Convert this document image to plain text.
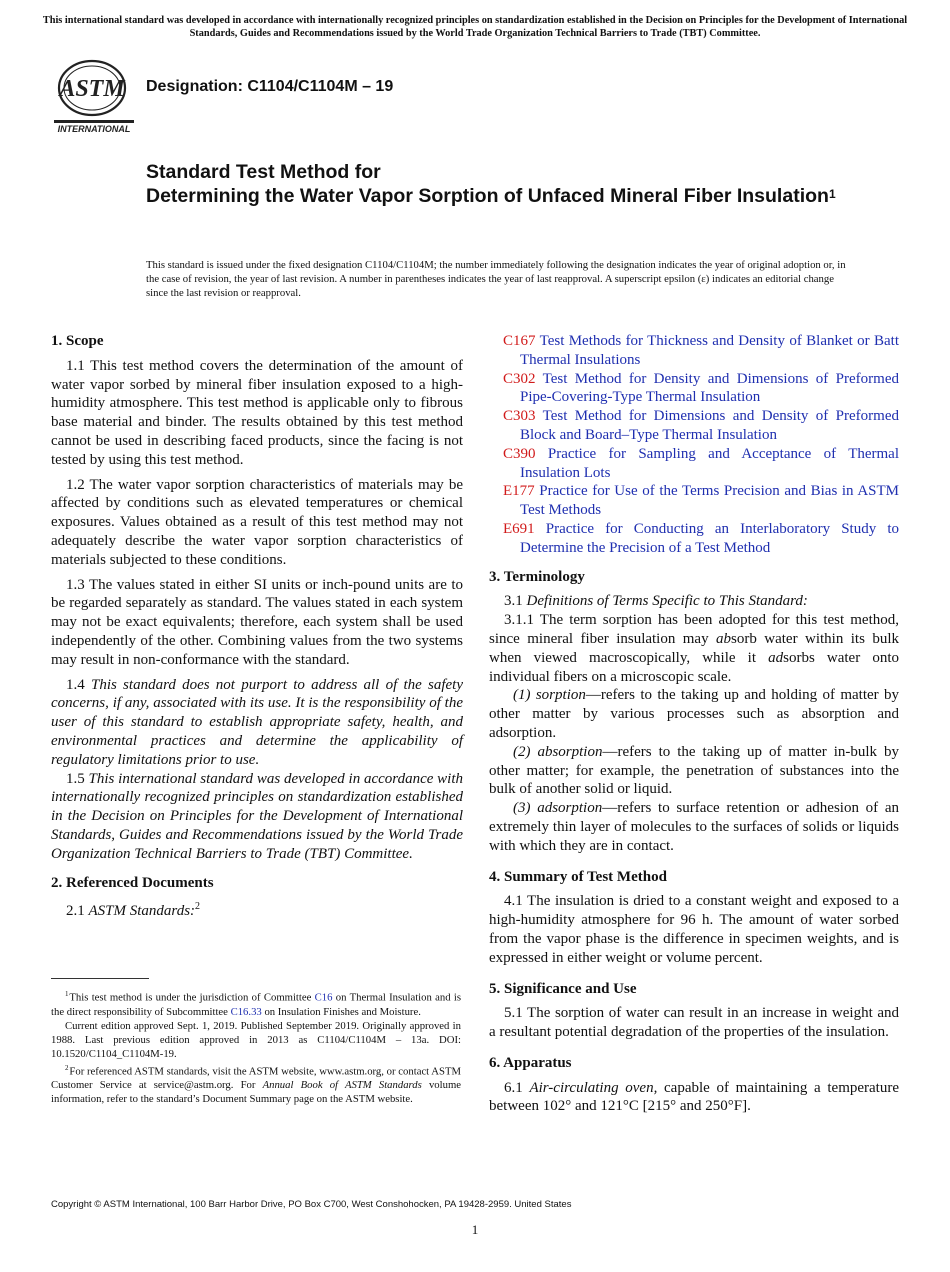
This international standard was developed in accordance with internationally recognized principles on standardization established in the Decision on Principles for the Development of International Standards, Guides and Recommendations issued by the World Trade Organization Technical Barriers to Trade (TBT) Committee.
ASTM
INTERNATIONAL
Designation: C1104/C1104M – 19
Standard Test Method for
Determining the Water Vapor Sorption of Unfaced Mineral Fiber Insulation$^1$
This standard is issued under the fixed designation C1104/C1104M; the number immediately following the designation indicates the year of original adoption or, in the case of revision, the year of last revision. A number in parentheses indicates the year of last reapproval. A superscript epsilon (ε) indicates an editorial change since the last revision or reapproval.
1. Scope

1.1 This test method covers the determination of the amount of water vapor sorbed by mineral fiber insulation exposed to a high-humidity atmosphere. This test method is applicable only to fibrous base material and binder. The results obtained by this test method cannot be used in describing faced products, since the facing is not tested by using this test method.

1.2 The water vapor sorption characteristics of materials may be affected by conditions such as elevated temperatures or chemical exposures. Values obtained as a result of this test method may not adequately describe the water vapor sorption characteristics of materials subjected to these conditions.

1.3 The values stated in either SI units or inch-pound units are to be regarded separately as standard. The values stated in each system may not be exact equivalents; therefore, each system shall be used independently of the other. Combining values from the two systems may result in non-conformance with the standard.

1.4 This standard does not purport to address all of the safety concerns, if any, associated with its use. It is the responsibility of the user of this standard to establish appropriate safety, health, and environmental practices and determine the applicability of regulatory limitations prior to use.

1.5 This international standard was developed in accordance with internationally recognized principles on standardization established in the Decision on Principles for the Development of International Standards, Guides and Recommendations issued by the World Trade Organization Technical Barriers to Trade (TBT) Committee.

2. Referenced Documents

2.1 ASTM Standards:$^2$

$^1$ This test method is under the jurisdiction of Committee C16 on Thermal Insulation and is the direct responsibility of Subcommittee C16.33 on Insulation Finishes and Moisture.

Current edition approved Sept. 1, 2019. Published September 2019. Originally approved in 1988. Last previous edition approved in 2013 as C1104/C1104M – 13a. DOI: 10.1520/C1104_C1104M-19.

$^2$ For referenced ASTM standards, visit the ASTM website, www.astm.org, or contact ASTM Customer Service at service@astm.org. For Annual Book of ASTM Standards volume information, refer to the standard’s Document Summary page on the ASTM website.

C167 Test Methods for Thickness and Density of Blanket or Batt Thermal Insulations

C302 Test Method for Density and Dimensions of Preformed Pipe-Covering-Type Thermal Insulation

C303 Test Method for Dimensions and Density of Preformed Block and Board–Type Thermal Insulation

C390 Practice for Sampling and Acceptance of Thermal Insulation Lots

E177 Practice for Use of the Terms Precision and Bias in ASTM Test Methods

E691 Practice for Conducting an Interlaboratory Study to Determine the Precision of a Test Method

3. Terminology

3.1 Definitions of Terms Specific to This Standard:

3.1.1 The term sorption has been adopted for this test method, since mineral fiber insulation may absorb water within its bulk when viewed macroscopically, while it adsorbs water onto individual fibers on a microscopic scale.

(1) sorption—refers to the taking up and holding of matter by other matter by various processes such as absorption and adsorption.

(2) absorption—refers to the taking up of matter in-bulk by other matter; for example, the penetration of substances into the bulk of another solid or liquid.

(3) adsorption—refers to surface retention or adhesion of an extremely thin layer of molecules to the surfaces of solids or liquids with which they are in contact.

4. Summary of Test Method

4.1 The insulation is dried to a constant weight and exposed to a high-humidity atmosphere for 96 h. The amount of water sorbed from the vapor phase is the difference in specimen weights, and is expressed in either weight or volume percent.

5. Significance and Use

5.1 The sorption of water can result in an increase in weight and a resultant potential degradation of the properties of the insulation.

6. Apparatus

6.1 Air-circulating oven, capable of maintaining a temperature between 102° and 121°C [215° and 250°F].

Copyright © ASTM International, 100 Barr Harbor Drive, PO Box C700, West Conshohocken, PA 19428-2959. United States
1
